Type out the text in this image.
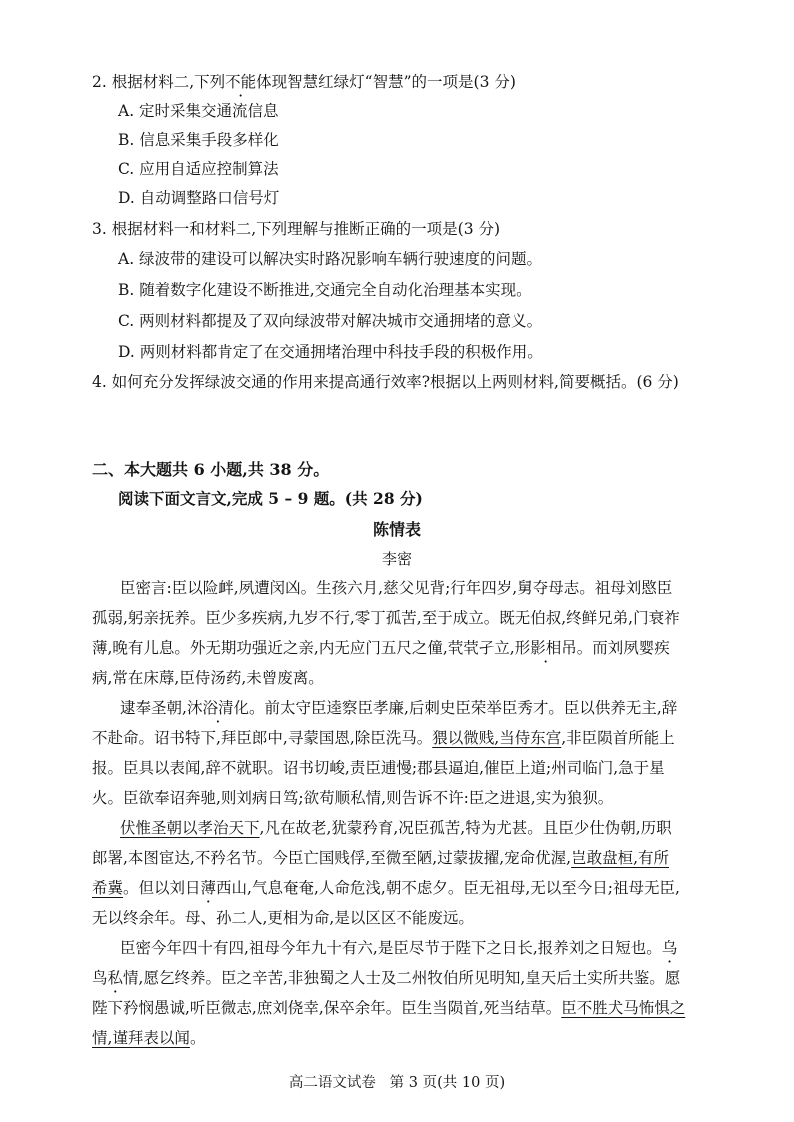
2. 根据材料二,下列不能体现智慧红绿灯“智慧”的一项是(3 分)
A. 定时采集交通流信息
B. 信息采集手段多样化
C. 应用自适应控制算法
D. 自动调整路口信号灯
3. 根据材料一和材料二,下列理解与推断正确的一项是(3 分)
A. 绿波带的建设可以解决实时路况影响车辆行驶速度的问题。
B. 随着数字化建设不断推进,交通完全自动化治理基本实现。
C. 两则材料都提及了双向绿波带对解决城市交通拥堵的意义。
D. 两则材料都肯定了在交通拥堵治理中科技手段的积极作用。
4. 如何充分发挥绿波交通的作用来提高通行效率?根据以上两则材料,简要概括。(6 分)
二、本大题共 6 小题,共 38 分。
阅读下面文言文,完成 5 – 9 题。(共 28 分)
陈情表
李密
臣密言:臣以险衅,夙遭闵凶。生孩六月,慈父见背;行年四岁,舅夺母志。祖母刘愍臣
孤弱,躬亲抚养。臣少多疾病,九岁不行,零丁孤苦,至于成立。既无伯叔,终鲜兄弟,门衰祚
薄,晚有儿息。外无期功强近之亲,内无应门五尺之僮,茕茕孑立,形影相吊。而刘夙婴疾
病,常在床蓐,臣侍汤药,未曾废离。
逮奉圣朝,沐浴清化。前太守臣逵察臣孝廉,后刺史臣荣举臣秀才。臣以供养无主,辞
不赴命。诏书特下,拜臣郎中,寻蒙国恩,除臣洗马。猥以微贱,当侍东宫,非臣陨首所能上
报。臣具以表闻,辞不就职。诏书切峻,责臣逋慢;郡县逼迫,催臣上道;州司临门,急于星
火。臣欲奉诏奔驰,则刘病日笃;欲苟顺私情,则告诉不许:臣之进退,实为狼狈。
伏惟圣朝以孝治天下,凡在故老,犹蒙矜育,况臣孤苦,特为尤甚。且臣少仕伪朝,历职
郎署,本图宦达,不矜名节。今臣亡国贱俘,至微至陋,过蒙拔擢,宠命优渥,岂敢盘桓,有所
希冀。但以刘日薄西山,气息奄奄,人命危浅,朝不虑夕。臣无祖母,无以至今日;祖母无臣,
无以终余年。母、孙二人,更相为命,是以区区不能废远。
臣密今年四十有四,祖母今年九十有六,是臣尽节于陛下之日长,报养刘之日短也。乌
鸟私情,愿乞终养。臣之辛苦,非独蜀之人士及二州牧伯所见明知,皇天后土实所共鉴。愿
陛下矜悯愚诚,听臣微志,庶刘侥幸,保卒余年。臣生当陨首,死当结草。臣不胜犬马怖惧之
情,谨拜表以闻。
高二语文试卷   第 3 页(共 10 页)
